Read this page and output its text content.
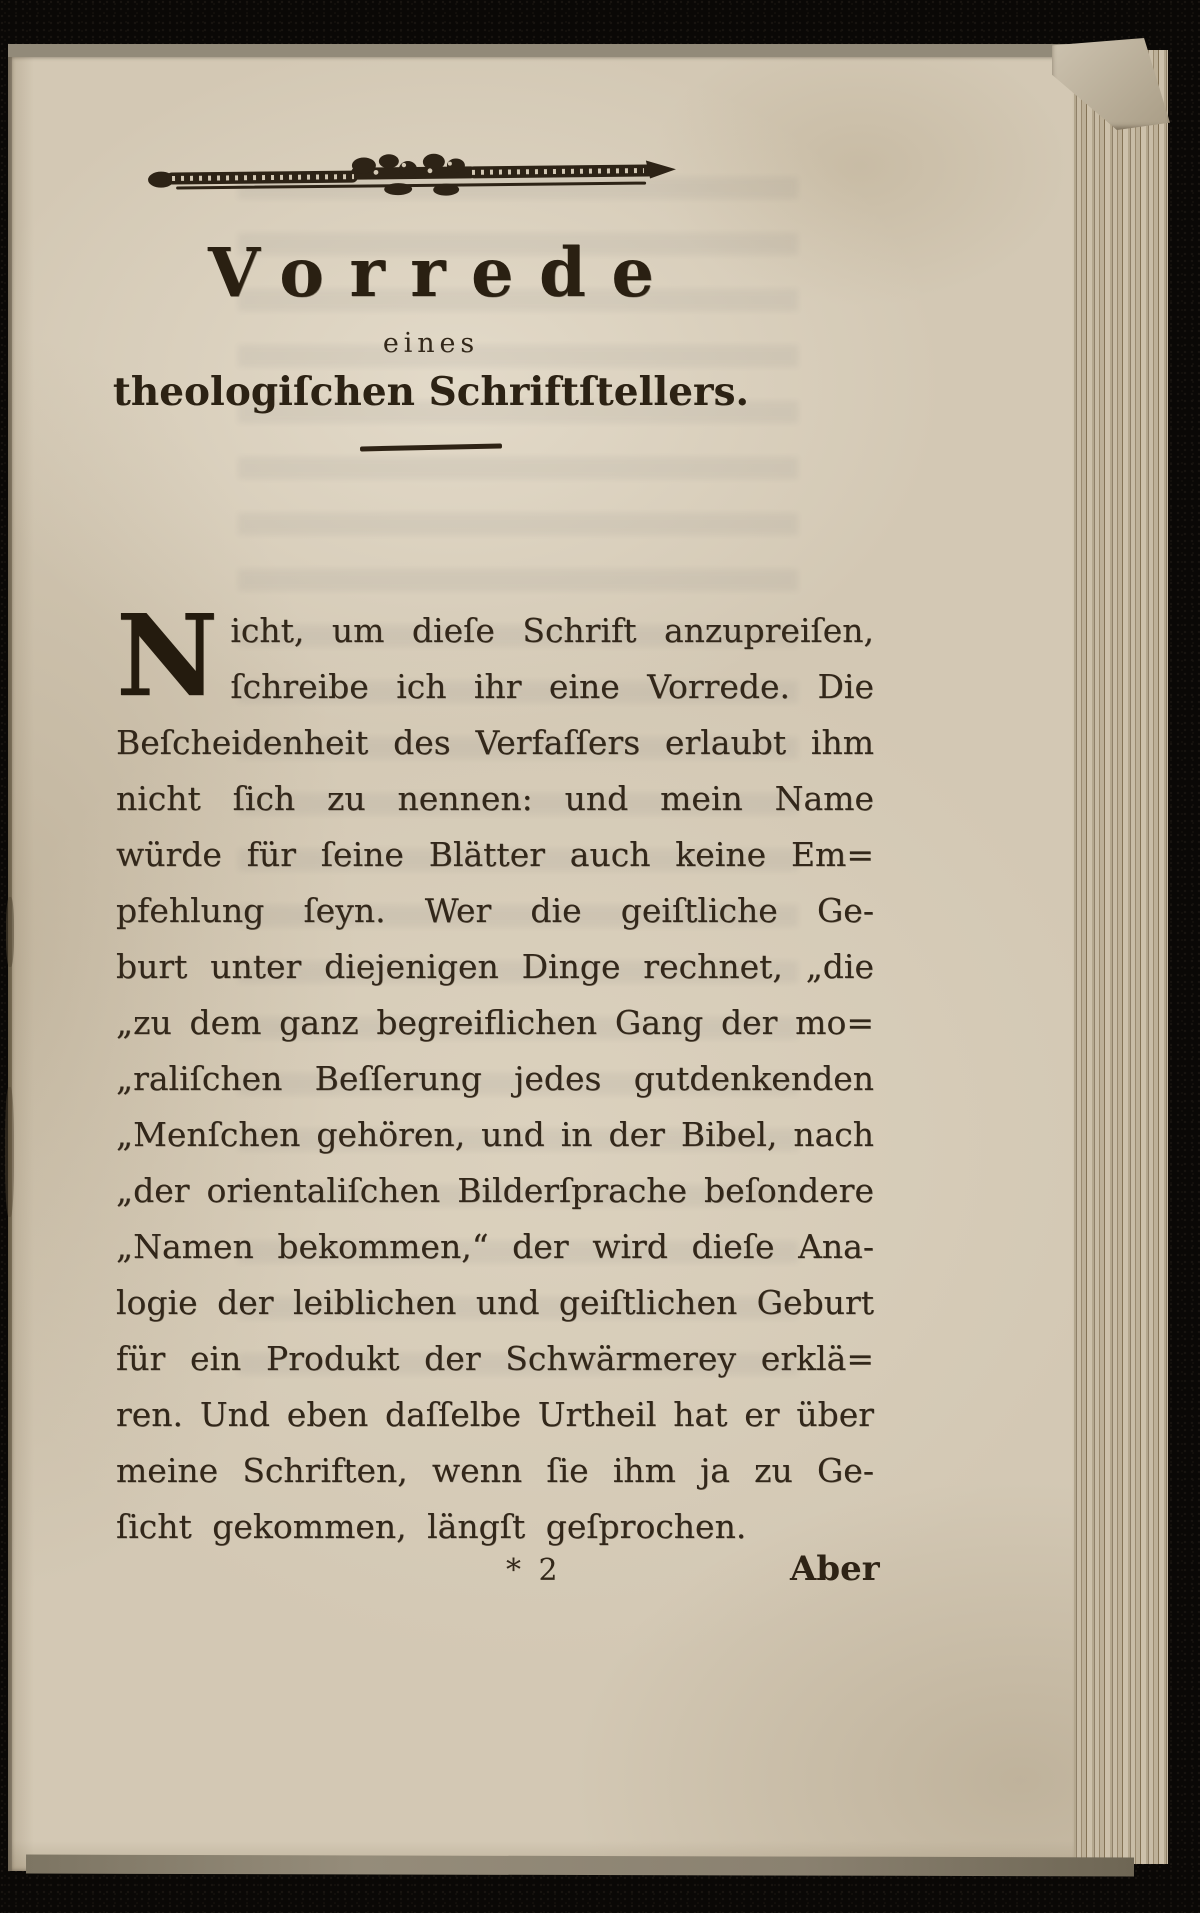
Vorrede
eines
theologiſchen Schriftſtellers.
N icht, um dieſe Schrift anzupreiſen,
ſchreibe ich ihr eine Vorrede. Die
Beſcheidenheit des Verfaſſers erlaubt ihm
nicht ſich zu nennen: und mein Name
würde für ſeine Blätter auch keine Em=
pfehlung ſeyn. Wer die geiſtliche Ge-
burt unter diejenigen Dinge rechnet, „die
„zu dem ganz begreiflichen Gang der mo=
„raliſchen Beſſerung jedes gutdenkenden
„Menſchen gehören, und in der Bibel, nach
„der orientaliſchen Bilderſprache beſondere
„Namen bekommen,“ der wird dieſe Ana-
logie der leiblichen und geiſtlichen Geburt
für ein Produkt der Schwärmerey erklä=
ren. Und eben daſſelbe Urtheil hat er über
meine Schriften, wenn ſie ihm ja zu Ge-
ſicht gekommen, längſt geſprochen.
* 2	Aber
